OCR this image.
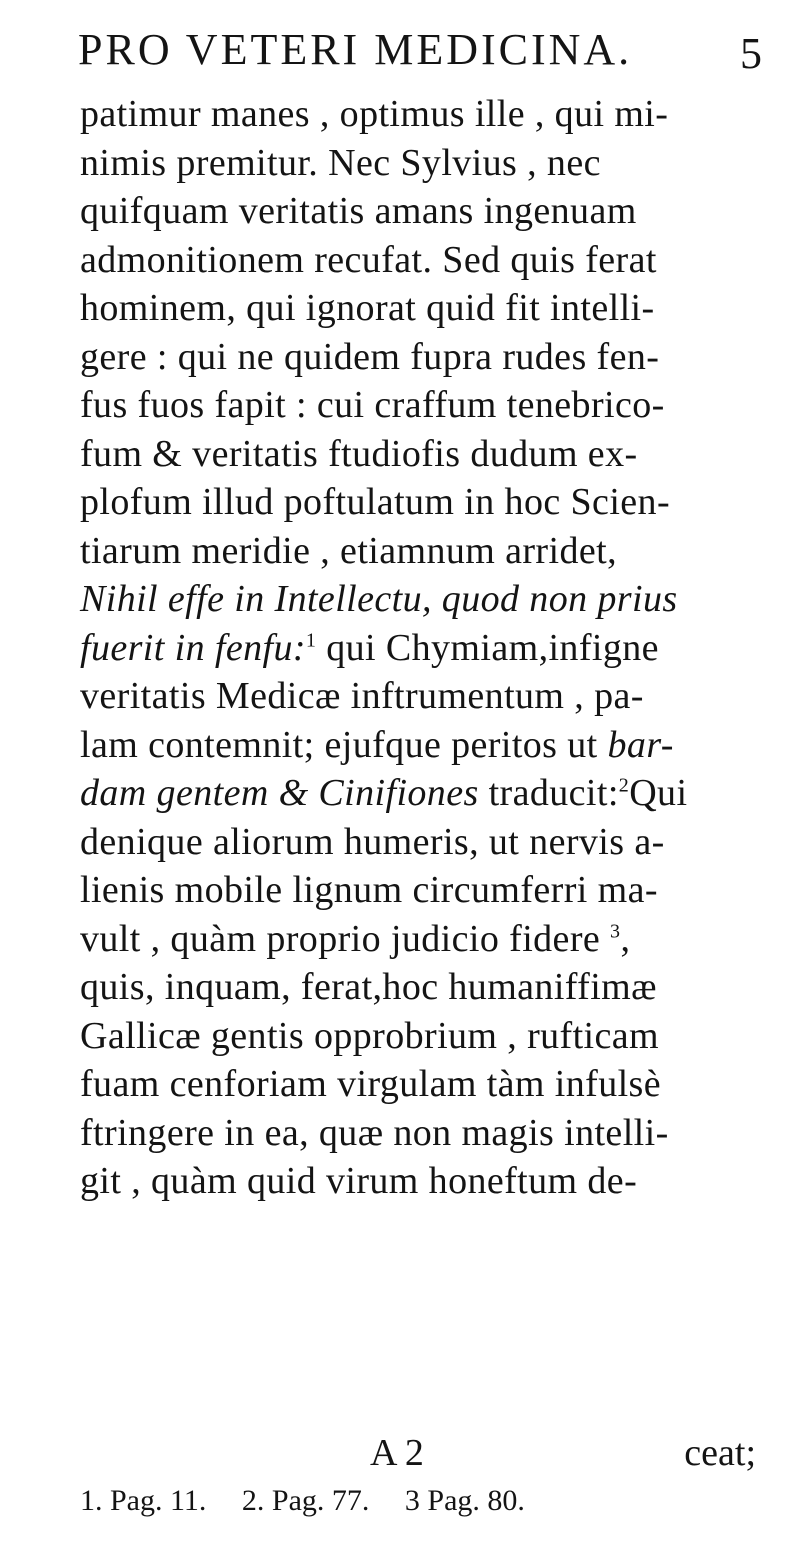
PRO VETERI MEDICINA. 5
patimur manes , optimus ille , qui mi-
nimis premitur. Nec Sylvius , nec
quifquam veritatis amans ingenuam
admonitionem recufat. Sed quis ferat
hominem, qui ignorat quid fit intelli-
gere : qui ne quidem fupra rudes fen-
fus fuos fapit : cui craffum tenebrico-
fum & veritatis ftudiofis dudum ex-
plofum illud poftulatum in hoc Scien-
tiarum meridie , etiamnum arridet,
Nihil effe in Intellectu, quod non prius
fuerit in fenfu:$^1$ qui Chymiam,infigne
veritatis Medicæ inftrumentum , pa-
lam contemnit; ejufque peritos ut bar-
dam gentem & Cinifiones traducit:$^2$Qui
denique aliorum humeris, ut nervis a-
lienis mobile lignum circumferri ma-
vult , quàm proprio judicio fidere $^3$,
quis, inquam, ferat,hoc humaniffimæ
Gallicæ gentis opprobrium , rufticam
fuam cenforiam virgulam tàm infulsè
ftringere in ea, quæ non magis intelli-
git , quàm quid virum honeftum de-
A 2	ceat;
1. Pag. 11. 2. Pag. 77. 3 Pag. 80.
